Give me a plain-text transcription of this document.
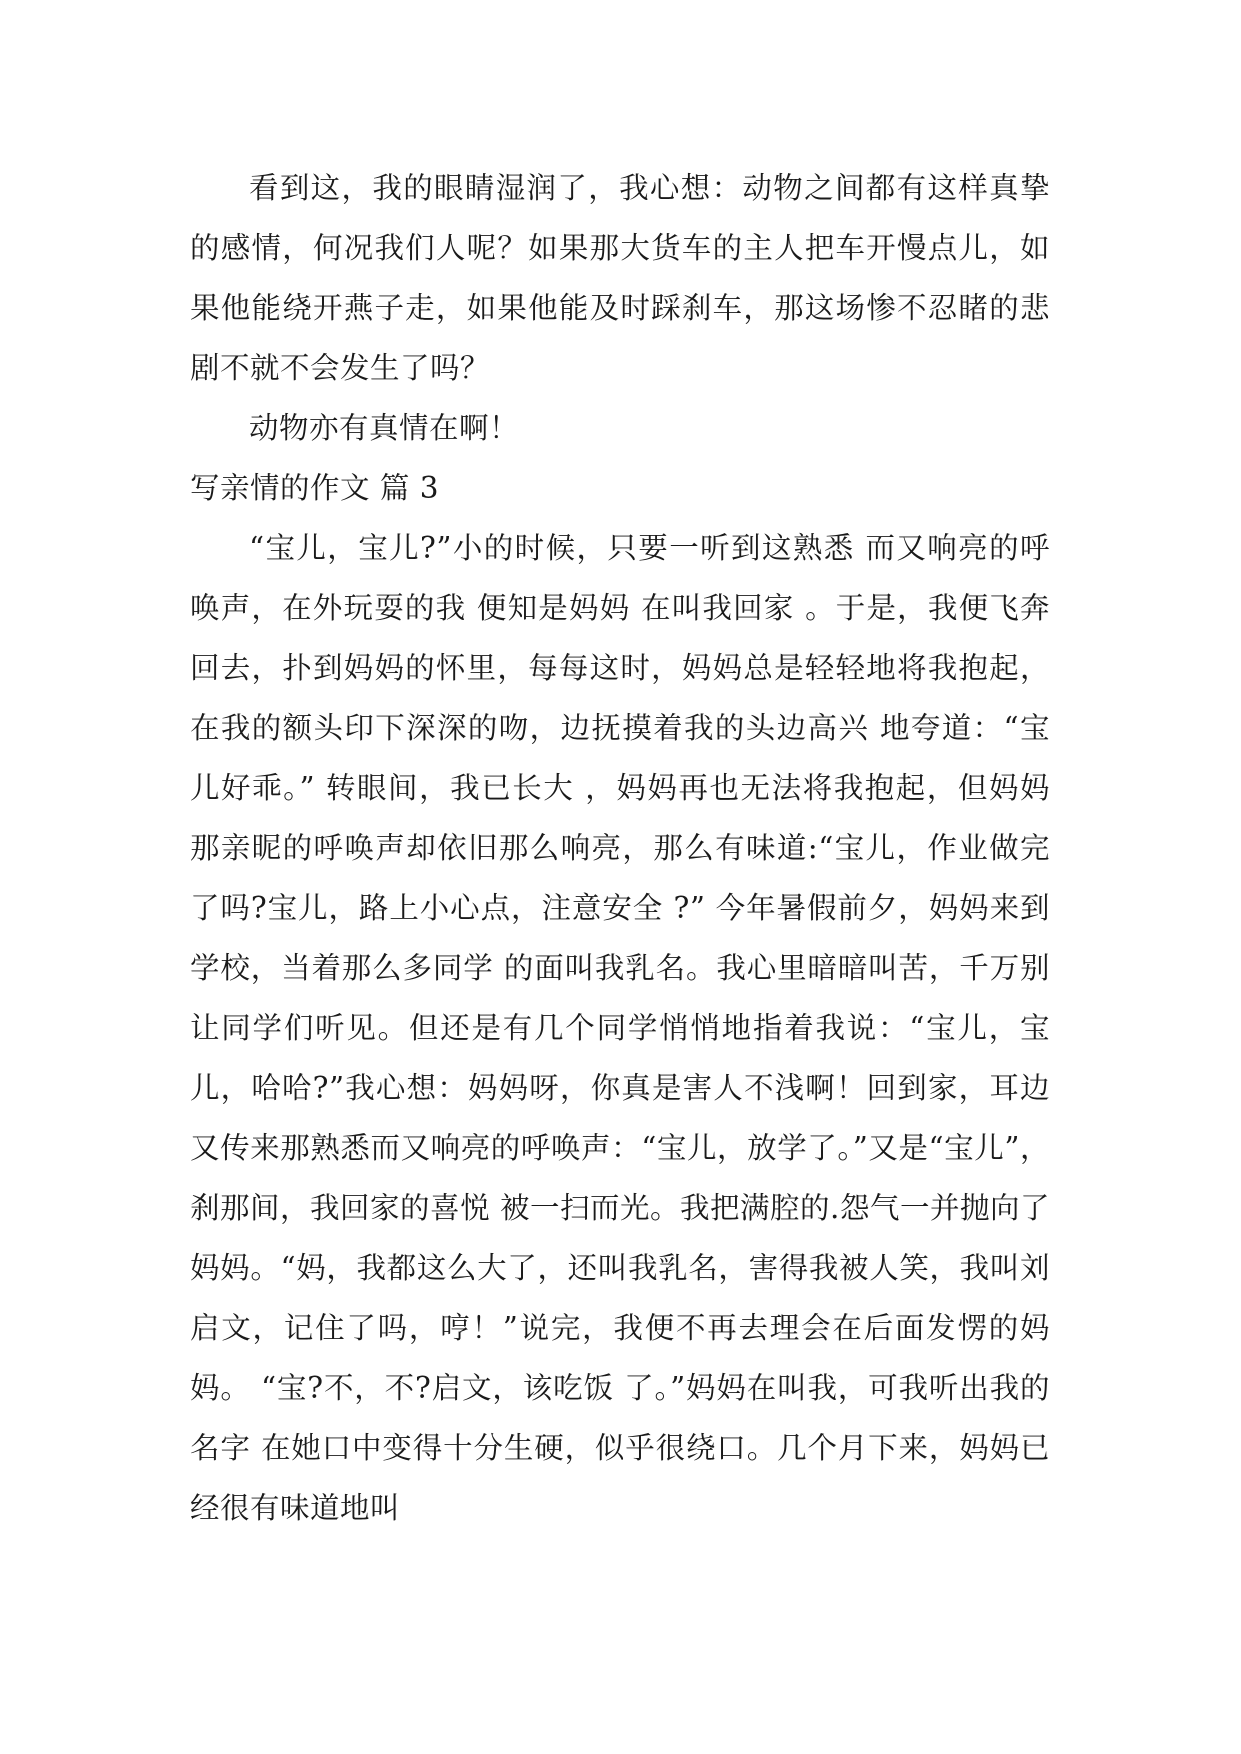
看到这，我的眼睛湿润了，我心想：动物之间都有这样真挚的感情，何况我们人呢？如果那大货车的主人把车开慢点儿，如果他能绕开燕子走，如果他能及时踩刹车，那这场惨不忍睹的悲剧不就不会发生了吗？

动物亦有真情在啊！

写亲情的作文 篇 3

“宝儿，宝儿?”小的时候，只要一听到这熟悉 而又响亮的呼唤声，在外玩耍的我 便知是妈妈 在叫我回家 。于是，我便飞奔回去，扑到妈妈的怀里，每每这时，妈妈总是轻轻地将我抱起，在我的额头印下深深的吻，边抚摸着我的头边高兴 地夸道：“宝儿好乖。” 转眼间，我已长大 ，妈妈再也无法将我抱起，但妈妈那亲昵的呼唤声却依旧那么响亮，那么有味道:“宝儿，作业做完了吗?宝儿，路上小心点，注意安全 ?” 今年暑假前夕，妈妈来到学校，当着那么多同学 的面叫我乳名。我心里暗暗叫苦，千万别让同学们听见。但还是有几个同学悄悄地指着我说：“宝儿，宝儿，哈哈?”我心想：妈妈呀，你真是害人不浅啊！回到家，耳边又传来那熟悉而又响亮的呼唤声：“宝儿，放学了。”又是“宝儿”，刹那间，我回家的喜悦 被一扫而光。我把满腔的.怨气一并抛向了妈妈。“妈，我都这么大了，还叫我乳名，害得我被人笑，我叫刘启文，记住了吗，哼！”说完，我便不再去理会在后面发愣的妈妈。 “宝?不，不?启文，该吃饭 了。”妈妈在叫我，可我听出我的名字 在她口中变得十分生硬，似乎很绕口。几个月下来，妈妈已经很有味道地叫
